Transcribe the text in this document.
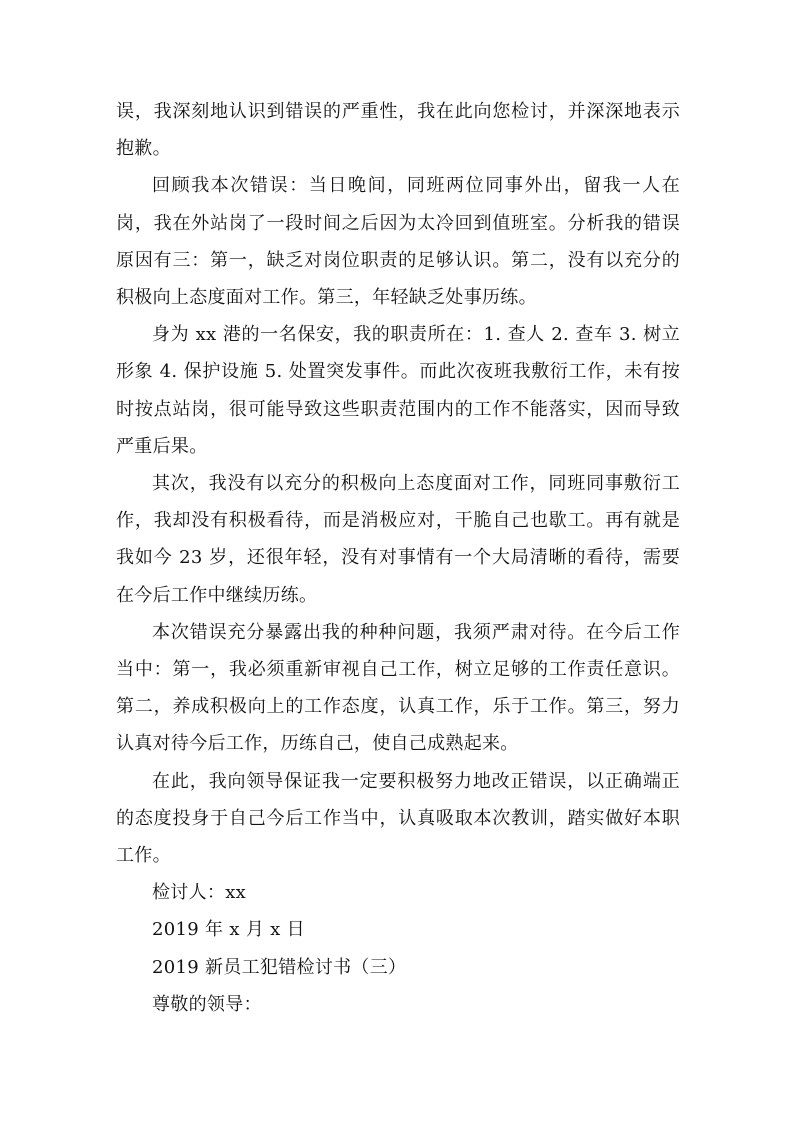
误，我深刻地认识到错误的严重性，我在此向您检讨，并深深地表示抱歉。

回顾我本次错误：当日晚间，同班两位同事外出，留我一人在岗，我在外站岗了一段时间之后因为太冷回到值班室。分析我的错误原因有三：第一，缺乏对岗位职责的足够认识。第二，没有以充分的积极向上态度面对工作。第三，年轻缺乏处事历练。

身为 xx 港的一名保安，我的职责所在：1. 查人 2. 查车 3. 树立形象 4. 保护设施 5. 处置突发事件。而此次夜班我敷衍工作，未有按时按点站岗，很可能导致这些职责范围内的工作不能落实，因而导致严重后果。

其次，我没有以充分的积极向上态度面对工作，同班同事敷衍工作，我却没有积极看待，而是消极应对，干脆自己也歇工。再有就是我如今 23 岁，还很年轻，没有对事情有一个大局清晰的看待，需要在今后工作中继续历练。

本次错误充分暴露出我的种种问题，我须严肃对待。在今后工作当中：第一，我必须重新审视自己工作，树立足够的工作责任意识。第二，养成积极向上的工作态度，认真工作，乐于工作。第三，努力认真对待今后工作，历练自己，使自己成熟起来。

在此，我向领导保证我一定要积极努力地改正错误，以正确端正的态度投身于自己今后工作当中，认真吸取本次教训，踏实做好本职工作。

检讨人：xx

2019 年 x 月 x 日

2019 新员工犯错检讨书（三）

尊敬的领导：
